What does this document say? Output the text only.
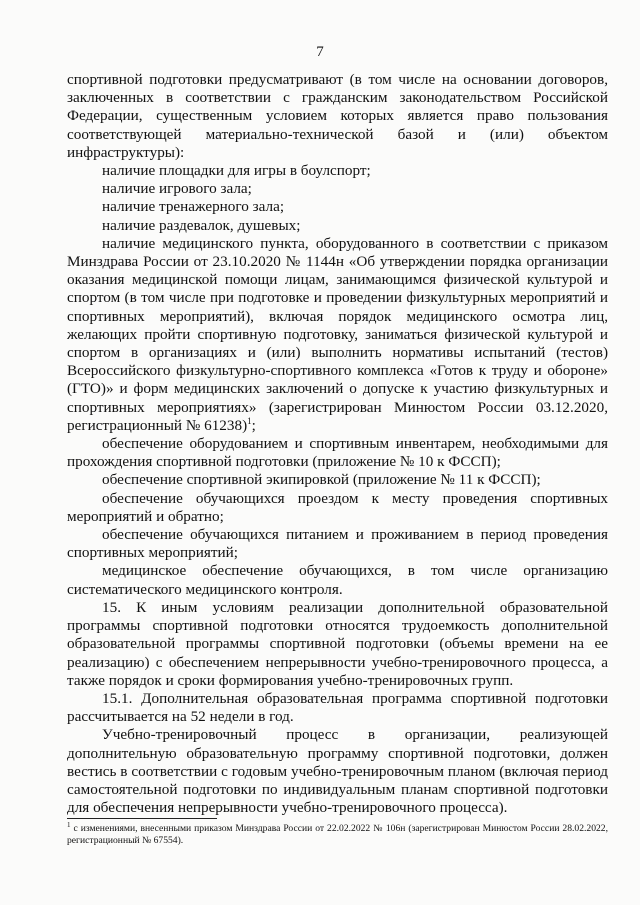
7

спортивной подготовки предусматривают (в том числе на основании договоров, заключенных в соответствии с гражданским законодательством Российской Федерации, существенным условием которых является право пользования соответствующей материально-технической базой и (или) объектом инфраструктуры):

наличие площадки для игры в боулспорт;

наличие игрового зала;

наличие тренажерного зала;

наличие раздевалок, душевых;

наличие медицинского пункта, оборудованного в соответствии с приказом Минздрава России от 23.10.2020 № 1144н «Об утверждении порядка организации оказания медицинской помощи лицам, занимающимся физической культурой и спортом (в том числе при подготовке и проведении физкультурных мероприятий и спортивных мероприятий), включая порядок медицинского осмотра лиц, желающих пройти спортивную подготовку, заниматься физической культурой и спортом в организациях и (или) выполнить нормативы испытаний (тестов) Всероссийского физкультурно-спортивного комплекса «Готов к труду и обороне» (ГТО)» и форм медицинских заключений о допуске к участию физкультурных и спортивных мероприятиях» (зарегистрирован Минюстом России 03.12.2020, регистрационный № 61238)$^1$;

обеспечение оборудованием и спортивным инвентарем, необходимыми для прохождения спортивной подготовки (приложение № 10 к ФССП);

обеспечение спортивной экипировкой (приложение № 11 к ФССП);

обеспечение обучающихся проездом к месту проведения спортивных мероприятий и обратно;

обеспечение обучающихся питанием и проживанием в период проведения спортивных мероприятий;

медицинское обеспечение обучающихся, в том числе организацию систематического медицинского контроля.

15. К иным условиям реализации дополнительной образовательной программы спортивной подготовки относятся трудоемкость дополнительной образовательной программы спортивной подготовки (объемы времени на ее реализацию) с обеспечением непрерывности учебно-тренировочного процесса, а также порядок и сроки формирования учебно-тренировочных групп.

15.1. Дополнительная образовательная программа спортивной подготовки рассчитывается на 52 недели в год.

Учебно-тренировочный процесс в организации, реализующей дополнительную образовательную программу спортивной подготовки, должен вестись в соответствии с годовым учебно-тренировочным планом (включая период самостоятельной подготовки по индивидуальным планам спортивной подготовки для обеспечения непрерывности учебно-тренировочного процесса).

$^1$ с изменениями, внесенными приказом Минздрава России от 22.02.2022 № 106н (зарегистрирован Минюстом России 28.02.2022, регистрационный № 67554).
